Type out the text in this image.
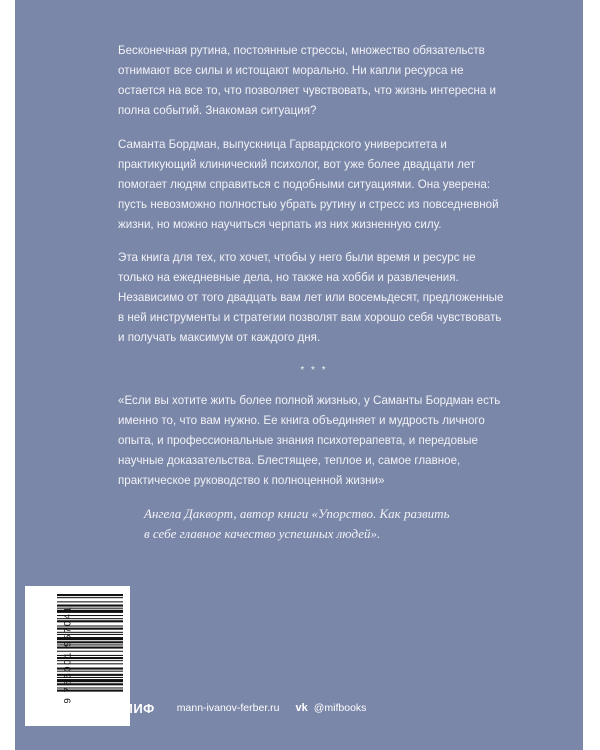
Бесконечная рутина, постоянные стрессы, множество обязательств отнимают все силы и истощают морально. Ни капли ресурса не остается на все то, что позволяет чувствовать, что жизнь интересна и полна событий. Знакомая ситуация?

Саманта Бордман, выпускница Гарвардского университета и практикующий клинический психолог, вот уже более двадцати лет помогает людям справиться с подобными ситуациями. Она уверена: пусть невозможно полностью убрать рутину и стресс из повседневной жизни, но можно научиться черпать из них жизненную силу.

Эта книга для тех, кто хочет, чтобы у него были время и ресурс не только на ежедневные дела, но также на хобби и развлечения. Независимо от того двадцать вам лет или восемьдесят, предложенные в ней инструменты и стратегии позволят вам хорошо себя чувствовать и получать максимум от каждого дня.

* * *

«Если вы хотите жить более полной жизнью, у Саманты Бордман есть именно то, что вам нужно. Ее книга объединяет и мудрость личного опыта, и профессиональные знания психотерапевта, и передовые научные доказательства. Блестящее, теплое и, самое главное, практическое руководство к полноценной жизни»

Ангела Дакворт, автор книги «Упорство. Как развить
в себе главное качество успешных людей».

9 785001 957041
МИФ mann-ivanov-ferber.ru vk @mifbooks
